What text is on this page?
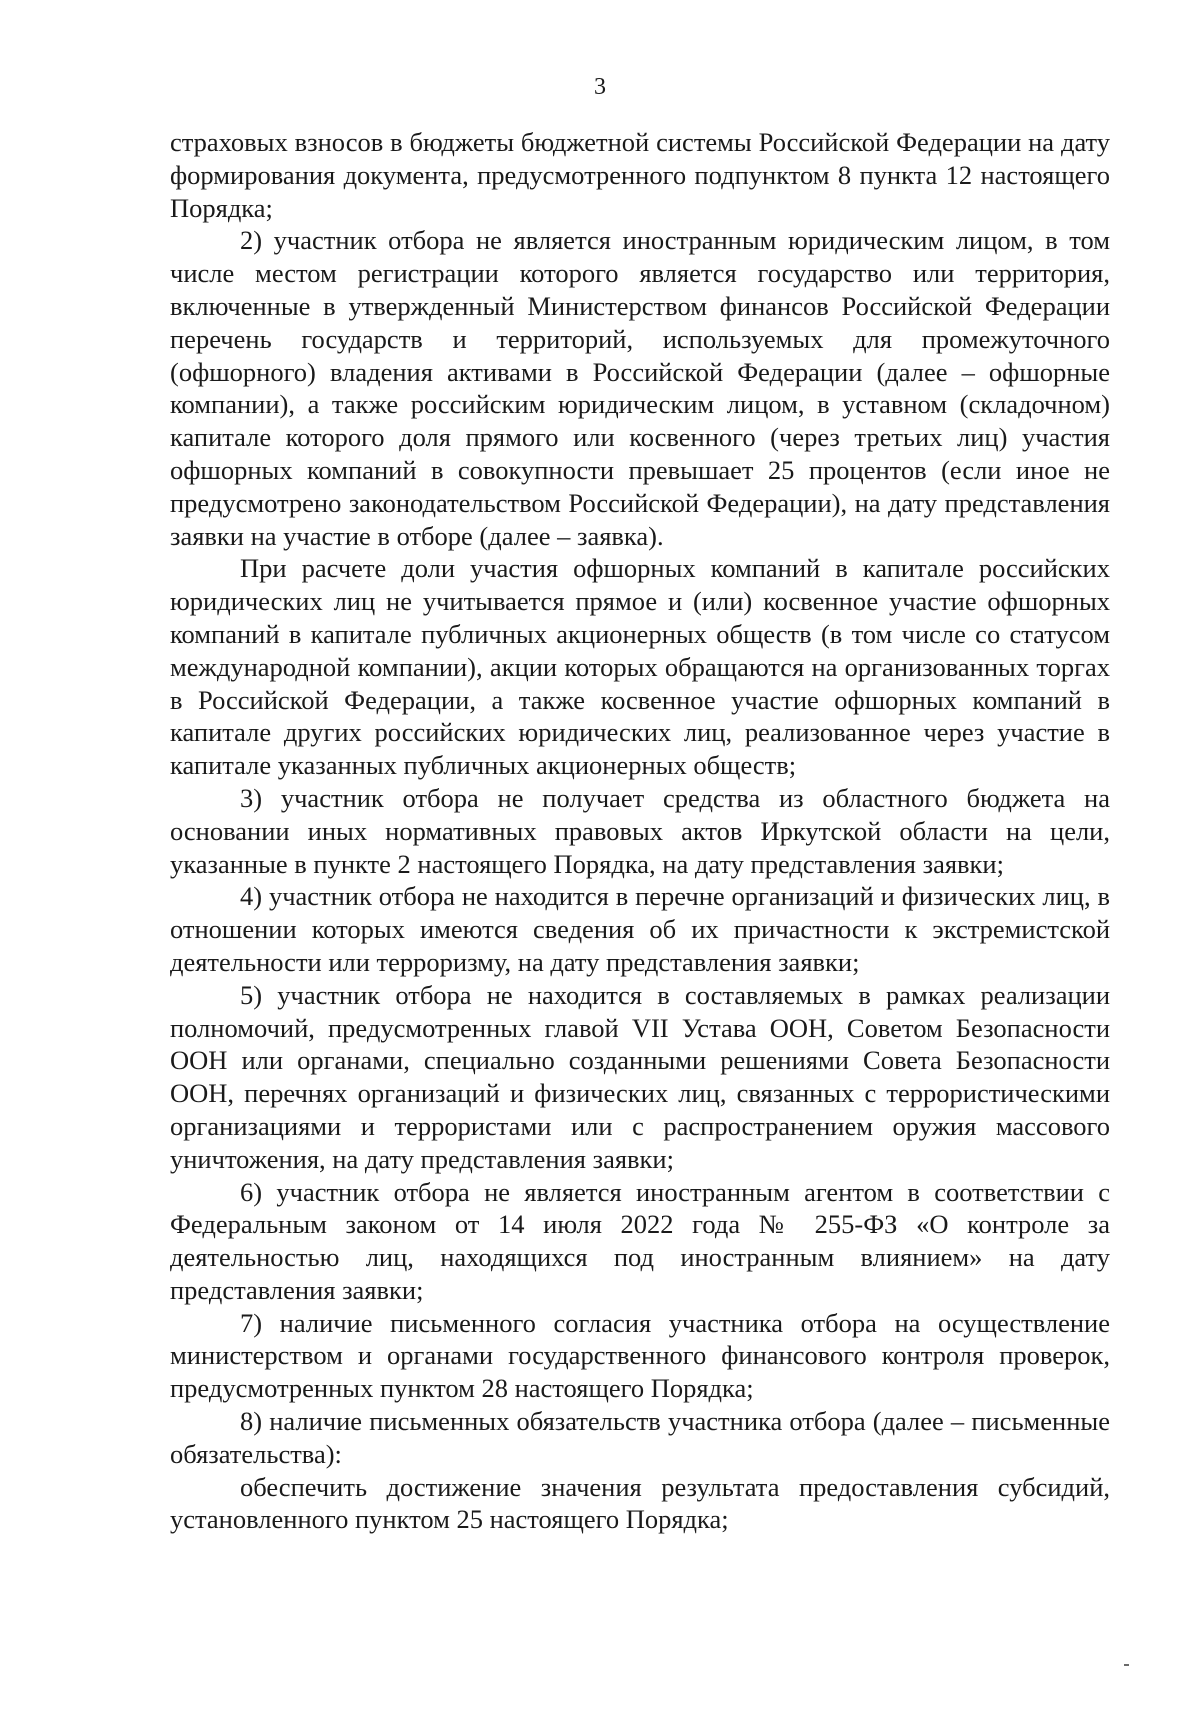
3

страховых взносов в бюджеты бюджетной системы Российской Федерации на дату формирования документа, предусмотренного подпунктом 8 пункта 12 настоящего Порядка;

2) участник отбора не является иностранным юридическим лицом, в том числе местом регистрации которого является государство или территория, включенные в утвержденный Министерством финансов Российской Федерации перечень государств и территорий, используемых для промежуточного (офшорного) владения активами в Российской Федерации (далее – офшорные компании), а также российским юридическим лицом, в уставном (складочном) капитале которого доля прямого или косвенного (через третьих лиц) участия офшорных компаний в совокупности превышает 25 процентов (если иное не предусмотрено законодательством Российской Федерации), на дату представления заявки на участие в отборе (далее – заявка).

При расчете доли участия офшорных компаний в капитале российских юридических лиц не учитывается прямое и (или) косвенное участие офшорных компаний в капитале публичных акционерных обществ (в том числе со статусом международной компании), акции которых обращаются на организованных торгах в Российской Федерации, а также косвенное участие офшорных компаний в капитале других российских юридических лиц, реализованное через участие в капитале указанных публичных акционерных обществ;

3) участник отбора не получает средства из областного бюджета на основании иных нормативных правовых актов Иркутской области на цели, указанные в пункте 2 настоящего Порядка, на дату представления заявки;

4) участник отбора не находится в перечне организаций и физических лиц, в отношении которых имеются сведения об их причастности к экстремистской деятельности или терроризму, на дату представления заявки;

5) участник отбора не находится в составляемых в рамках реализации полномочий, предусмотренных главой VII Устава ООН, Советом Безопасности ООН или органами, специально созданными решениями Совета Безопасности ООН, перечнях организаций и физических лиц, связанных с террористическими организациями и террористами или с распространением оружия массового уничтожения, на дату представления заявки;

6) участник отбора не является иностранным агентом в соответствии с Федеральным законом от 14 июля 2022 года № 255-ФЗ «О контроле за деятельностью лиц, находящихся под иностранным влиянием» на дату представления заявки;

7) наличие письменного согласия участника отбора на осуществление министерством и органами государственного финансового контроля проверок, предусмотренных пунктом 28 настоящего Порядка;

8) наличие письменных обязательств участника отбора (далее – письменные обязательства):

обеспечить достижение значения результата предоставления субсидий, установленного пунктом 25 настоящего Порядка;
